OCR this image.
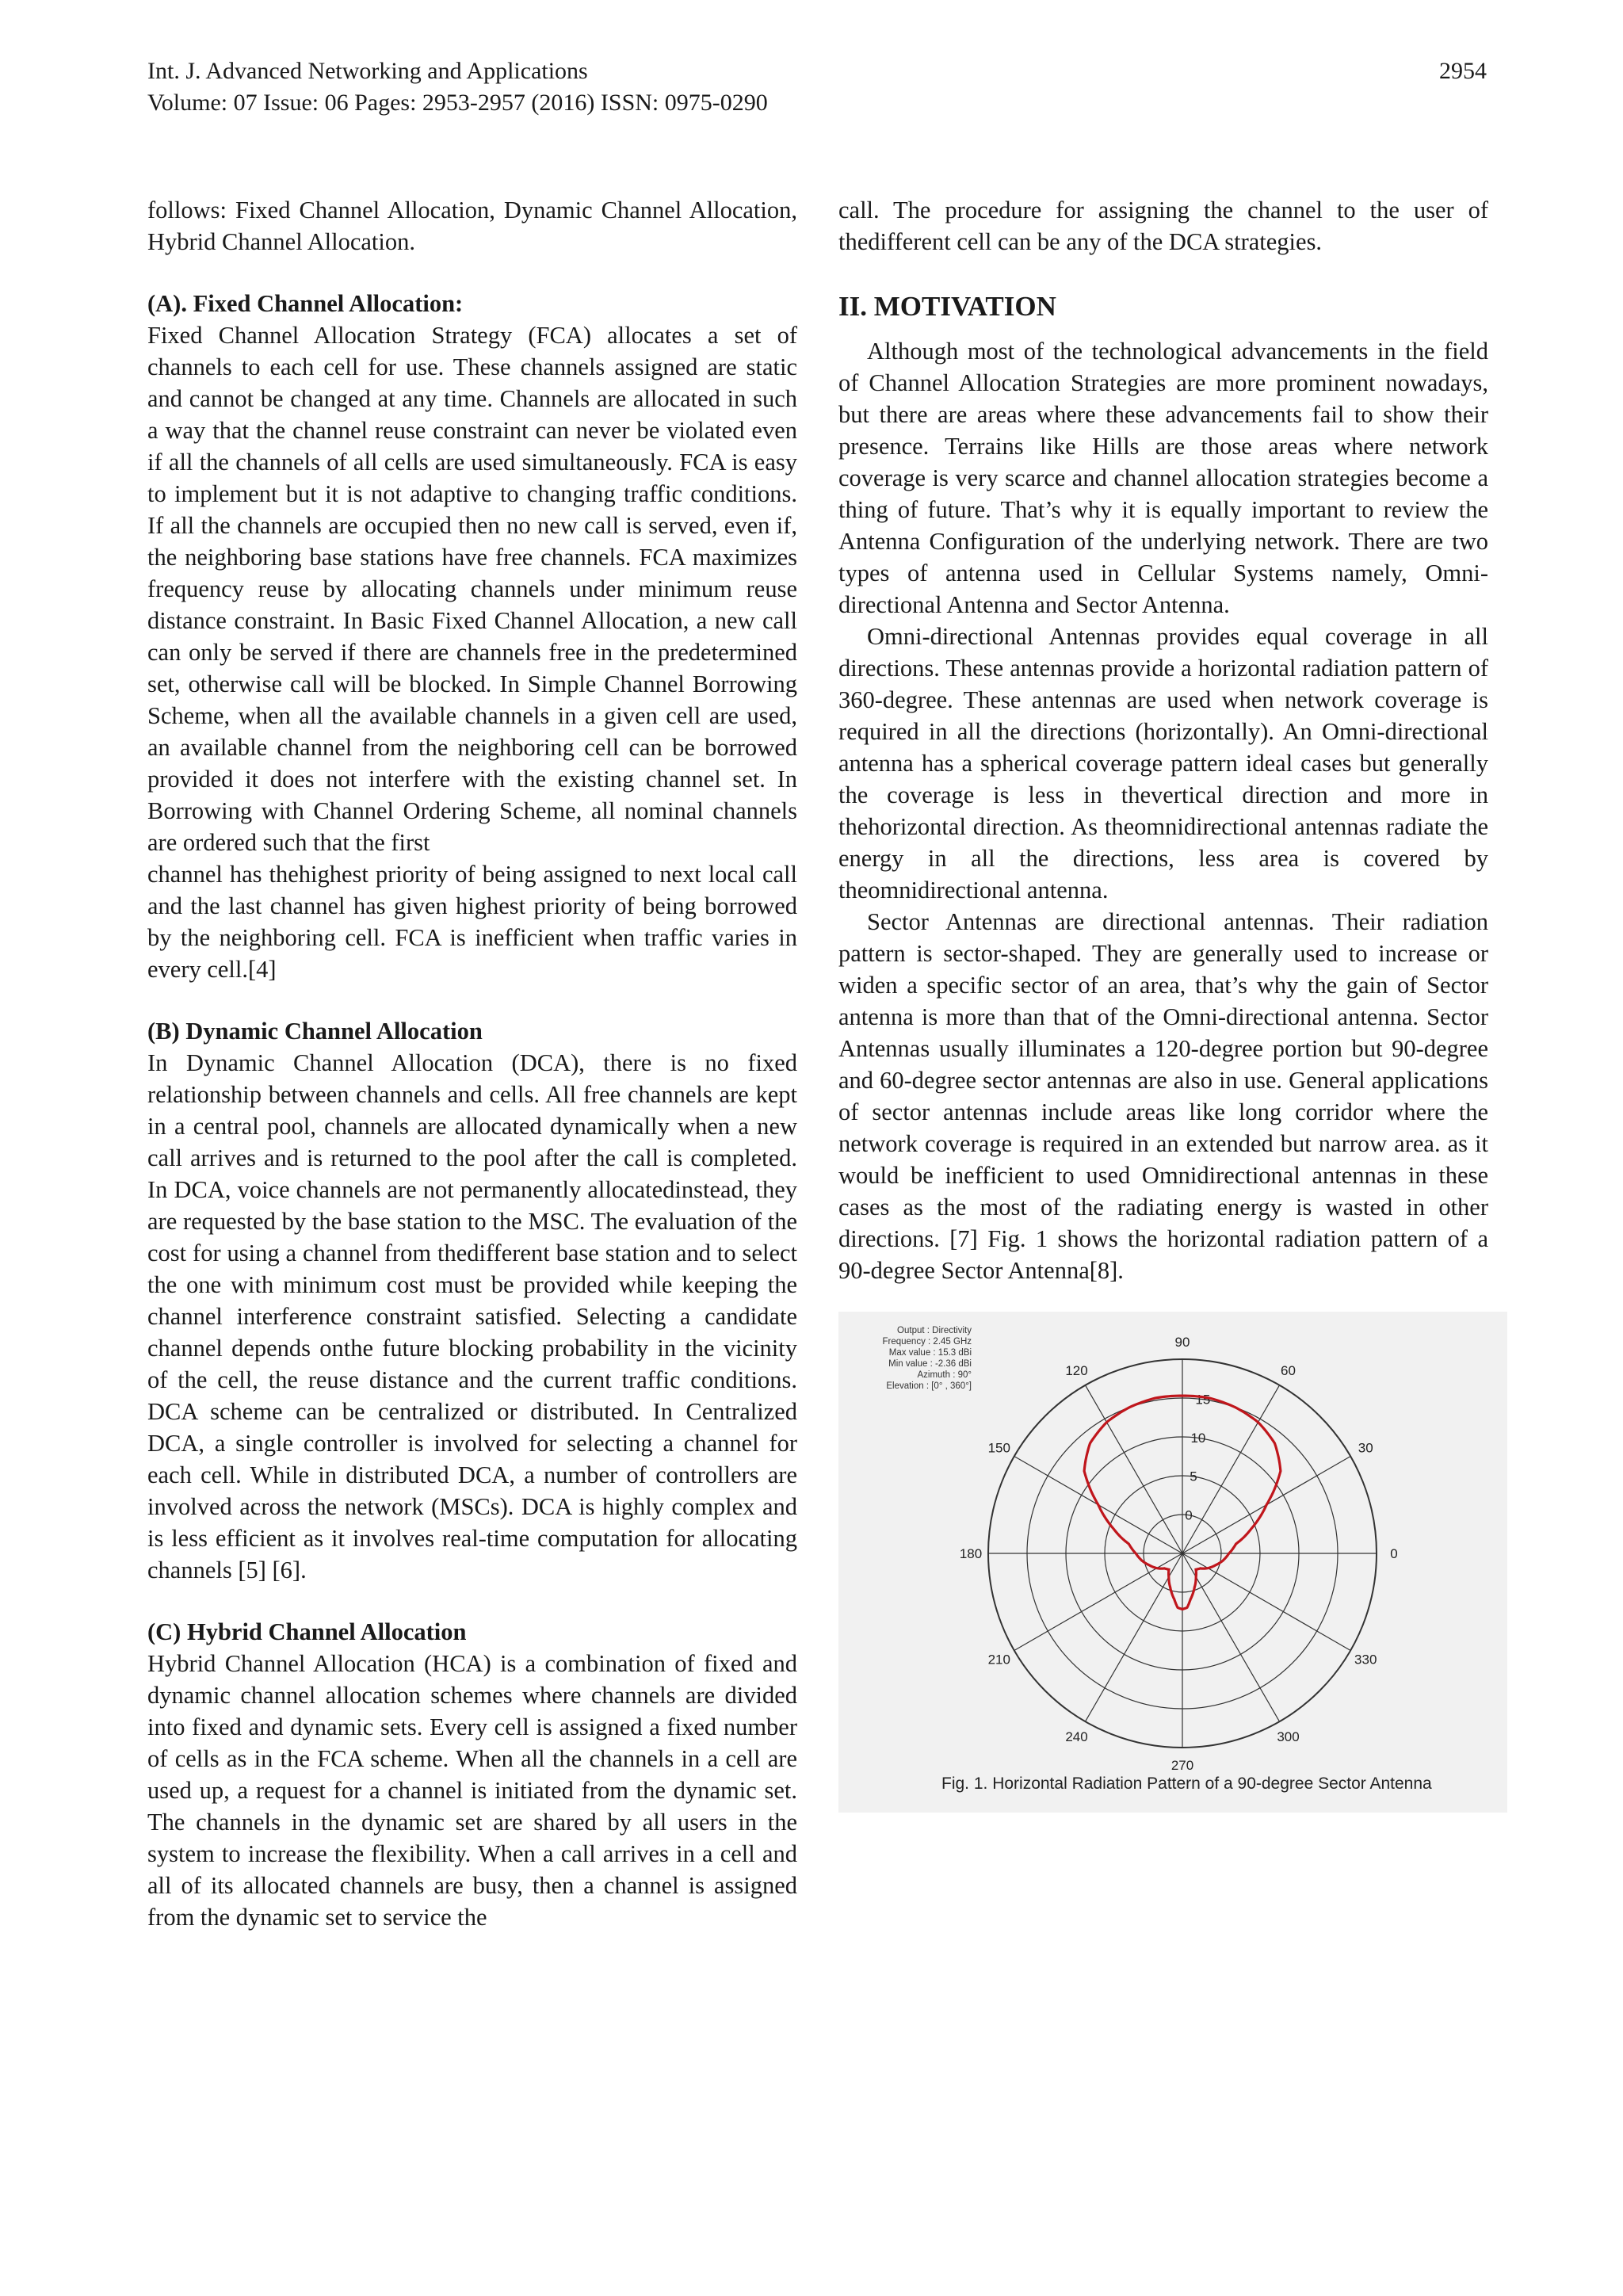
Int. J. Advanced Networking and Applications
Volume: 07 Issue: 06 Pages: 2953-2957 (2016) ISSN: 0975-0290
2954

follows: Fixed Channel Allocation, Dynamic Channel Allocation, Hybrid Channel Allocation.

(A). Fixed Channel Allocation:

Fixed Channel Allocation Strategy (FCA) allocates a set of channels to each cell for use. These channels assigned are static and cannot be changed at any time. Channels are allocated in such a way that the channel reuse constraint can never be violated even if all the channels of all cells are used simultaneously. FCA is easy to implement but it is not adaptive to changing traffic conditions. If all the channels are occupied then no new call is served, even if, the neighboring base stations have free channels. FCA maximizes frequency reuse by allocating channels under minimum reuse distance constraint. In Basic Fixed Channel Allocation, a new call can only be served if there are channels free in the predetermined set, otherwise call will be blocked. In Simple Channel Borrowing Scheme, when all the available channels in a given cell are used, an available channel from the neighboring cell can be borrowed provided it does not interfere with the existing channel set. In Borrowing with Channel Ordering Scheme, all nominal channels are ordered such that the first

channel has thehighest priority of being assigned to next local call and the last channel has given highest priority of being borrowed by the neighboring cell. FCA is inefficient when traffic varies in every cell.[4]

(B) Dynamic Channel Allocation

In Dynamic Channel Allocation (DCA), there is no fixed relationship between channels and cells. All free channels are kept in a central pool, channels are allocated dynamically when a new call arrives and is returned to the pool after the call is completed. In DCA, voice channels are not permanently allocatedinstead, they are requested by the base station to the MSC. The evaluation of the cost for using a channel from thedifferent base station and to select the one with minimum cost must be provided while keeping the channel interference constraint satisfied. Selecting a candidate channel depends onthe future blocking probability in the vicinity of the cell, the reuse distance and the current traffic conditions. DCA scheme can be centralized or distributed. In Centralized DCA, a single controller is involved for selecting a channel for each cell. While in distributed DCA, a number of controllers are involved across the network (MSCs). DCA is highly complex and is less efficient as it involves real-time computation for allocating channels [5] [6].

(C) Hybrid Channel Allocation

Hybrid Channel Allocation (HCA) is a combination of fixed and dynamic channel allocation schemes where channels are divided into fixed and dynamic sets. Every cell is assigned a fixed number of cells as in the FCA scheme. When all the channels in a cell are used up, a request for a channel is initiated from the dynamic set. The channels in the dynamic set are shared by all users in the system to increase the flexibility. When a call arrives in a cell and all of its allocated channels are busy, then a channel is assigned from the dynamic set to service the

call. The procedure for assigning the channel to the user of thedifferent cell can be any of the DCA strategies.

II. MOTIVATION

Although most of the technological advancements in the field of Channel Allocation Strategies are more prominent nowadays, but there are areas where these advancements fail to show their presence. Terrains like Hills are those areas where network coverage is very scarce and channel allocation strategies become a thing of future. That’s why it is equally important to review the Antenna Configuration of the underlying network. There are two types of antenna used in Cellular Systems namely, Omni-directional Antenna and Sector Antenna.

Omni-directional Antennas provides equal coverage in all directions. These antennas provide a horizontal radiation pattern of 360-degree. These antennas are used when network coverage is required in all the directions (horizontally). An Omni-directional antenna has a spherical coverage pattern ideal cases but generally the coverage is less in thevertical direction and more in thehorizontal direction. As theomnidirectional antennas radiate the energy in all the directions, less area is covered by theomnidirectional antenna.

Sector Antennas are directional antennas. Their radiation pattern is sector-shaped. They are generally used to increase or widen a specific sector of an area, that’s why the gain of Sector antenna is more than that of the Omni-directional antenna. Sector Antennas usually illuminates a 120-degree portion but 90-degree and 60-degree sector antennas are also in use. General applications of sector antennas include areas like long corridor where the network coverage is required in an extended but narrow area. as it would be inefficient to used Omnidirectional antennas in these cases as the most of the radiating energy is wasted in other directions. [7] Fig. 1 shows the horizontal radiation pattern of a 90-degree Sector Antenna[8].

Output : Directivity
Frequency : 2.45 GHz
Max value : 15.3 dBi
Min value : -2.36 dBi
Azimuth : 90°
Elevation : [0° , 360°]
0
30
60
90
120
150
180
210
240
270
300
330
0
5
10
15
Fig. 1. Horizontal Radiation Pattern of a 90-degree Sector Antenna
